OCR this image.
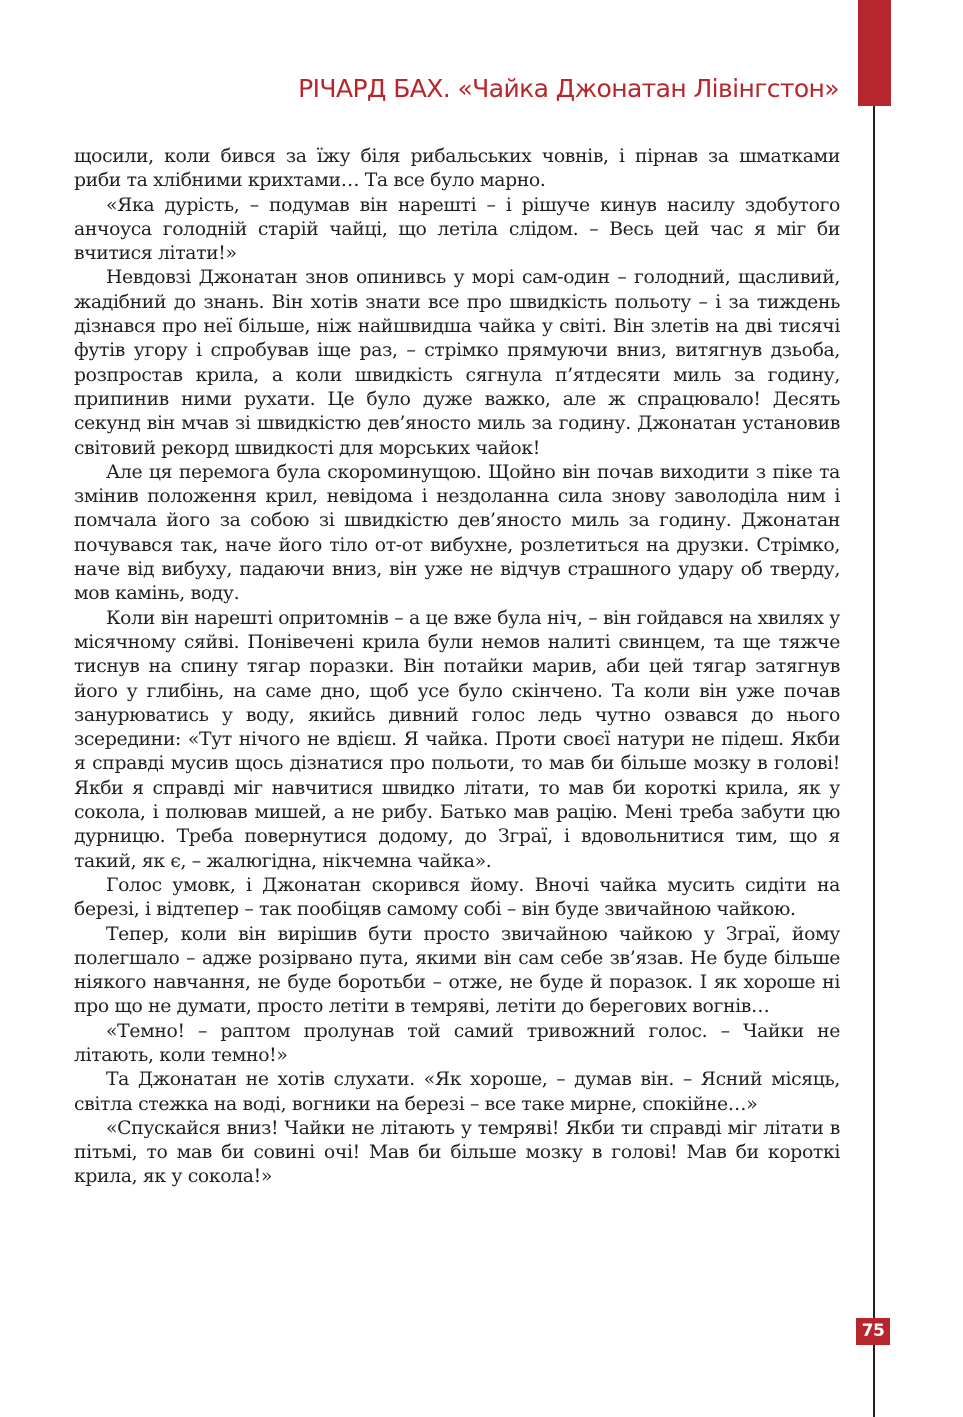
РІЧАРД БАХ. «Чайка Джонатан Лівінгстон»

щосили, коли бився за їжу біля рибальських човнів, і пірнав за шматками риби та хлібними крихтами… Та все було марно.

«Яка дурість, – подумав він нарешті – і рішуче кинув насилу здобутого анчоуса голодній старій чайці, що летіла слідом. – Весь цей час я міг би вчитися літати!»

Невдовзі Джонатан знов опинивсь у морі сам-один – голодний, щасливий, жадібний до знань. Він хотів знати все про швидкість польоту – і за тиждень дізнався про неї більше, ніж найшвидша чайка у світі. Він злетів на дві тисячі футів угору і спробував іще раз, – стрімко прямуючи вниз, витягнув дзьоба, розпростав крила, а коли швидкість сягнула п’ятдесяти миль за годину, припинив ними рухати. Це було дуже важко, але ж спрацювало! Десять секунд він мчав зі швидкістю дев’яносто миль за годину. Джонатан установив світовий рекорд швидкості для морських чайок!

Але ця перемога була скороминущою. Щойно він почав виходити з піке та змінив положення крил, невідома і нездоланна сила знову заволоділа ним і помчала його за собою зі швидкістю дев’яносто миль за годину. Джонатан почувався так, наче його тіло от-от вибухне, розлетиться на друзки. Стрімко, наче від вибуху, падаючи вниз, він уже не відчув страшного удару об тверду, мов камінь, воду.

Коли він нарешті опритомнів – а це вже була ніч, – він гойдався на хвилях у місячному сяйві. Понівечені крила були немов налиті свинцем, та ще тяжче тиснув на спину тягар поразки. Він потайки марив, аби цей тягар затягнув його у глибінь, на саме дно, щоб усе було скінчено. Та коли він уже почав занурюватись у воду, якийсь дивний голос ледь чутно озвався до нього зсередини: «Тут нічого не вдієш. Я чайка. Проти своєї натури не підеш. Якби я справді мусив щось дізнатися про польоти, то мав би більше мозку в голові! Якби я справді міг навчитися швидко літати, то мав би короткі крила, як у сокола, і полював мишей, а не рибу. Батько мав рацію. Мені треба забути цю дурницю. Треба повернутися додому, до Зграї, і вдовольнитися тим, що я такий, як є, – жалюгідна, нікчемна чайка».

Голос умовк, і Джонатан скорився йому. Вночі чайка мусить сидіти на березі, і відтепер – так пообіцяв самому собі – він буде звичайною чайкою.

Тепер, коли він вирішив бути просто звичайною чайкою у Зграї, йому полегшало – адже розірвано пута, якими він сам себе зв’язав. Не буде більше ніякого навчання, не буде боротьби – отже, не буде й поразок. І як хороше ні про що не думати, просто летіти в темряві, летіти до берегових вогнів…

«Темно! – раптом пролунав той самий тривожний голос. – Чайки не літають, коли темно!»

Та Джонатан не хотів слухати. «Як хороше, – думав він. – Ясний місяць, світла стежка на воді, вогники на березі – все таке мирне, спокійне…»

«Спускайся вниз! Чайки не літають у темряві! Якби ти справді міг літати в пітьмі, то мав би совині очі! Мав би більше мозку в голові! Мав би короткі крила, як у сокола!»

75
